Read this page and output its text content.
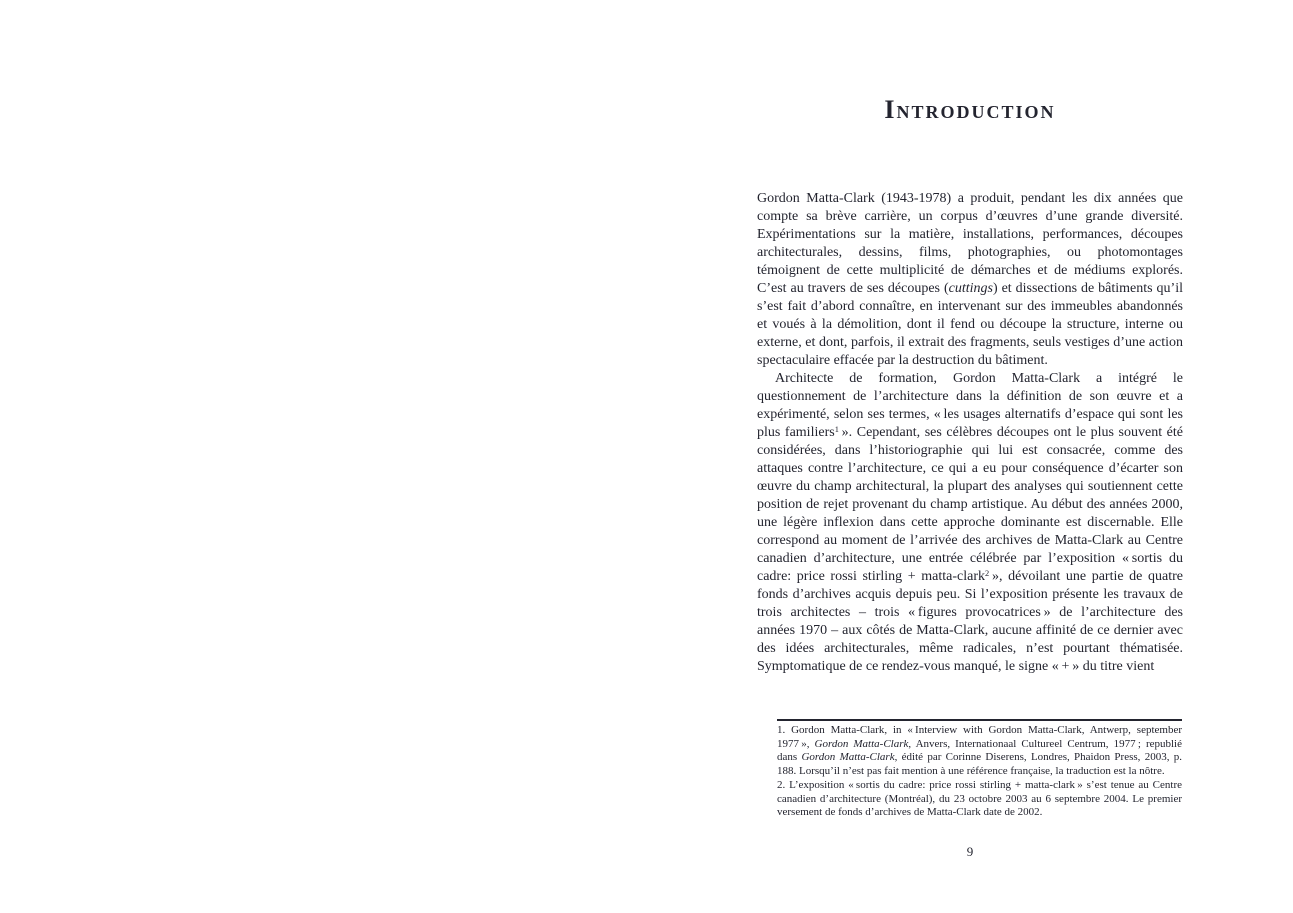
Introduction

Gordon Matta-Clark (1943-1978) a produit, pendant les dix années que compte sa brève carrière, un corpus d’œuvres d’une grande diversité. Expérimentations sur la matière, installations, performances, découpes architecturales, dessins, films, photographies, ou photomontages témoignent de cette multiplicité de démarches et de médiums explorés. C’est au travers de ses découpes (cuttings) et dissections de bâtiments qu’il s’est fait d’abord connaître, en intervenant sur des immeubles abandonnés et voués à la démolition, dont il fend ou découpe la structure, interne ou externe, et dont, parfois, il extrait des fragments, seuls vestiges d’une action spectaculaire effacée par la destruction du bâtiment.

Architecte de formation, Gordon Matta-Clark a intégré le questionnement de l’architecture dans la définition de son œuvre et a expérimenté, selon ses termes, « les usages alternatifs d’espace qui sont les plus familiers$^1$ ». Cependant, ses célèbres découpes ont le plus souvent été considérées, dans l’historiographie qui lui est consacrée, comme des attaques contre l’architecture, ce qui a eu pour conséquence d’écarter son œuvre du champ architectural, la plupart des analyses qui soutiennent cette position de rejet provenant du champ artistique. Au début des années 2000, une légère inflexion dans cette approche dominante est discernable. Elle correspond au moment de l’arrivée des archives de Matta-Clark au Centre canadien d’architecture, une entrée célébrée par l’exposition « sortis du cadre: price rossi stirling + matta-clark$^2$ », dévoilant une partie de quatre fonds d’archives acquis depuis peu. Si l’exposition présente les travaux de trois architectes – trois « figures provocatrices » de l’architecture des années 1970 – aux côtés de Matta-Clark, aucune affinité de ce dernier avec des idées architecturales, même radicales, n’est pourtant thématisée. Symptomatique de ce rendez-vous manqué, le signe « + » du titre vient

1. Gordon Matta-Clark, in « Interview with Gordon Matta-Clark, Antwerp, september 1977 », Gordon Matta-Clark, Anvers, Internationaal Cultureel Centrum, 1977 ; republié dans Gordon Matta-Clark, édité par Corinne Diserens, Londres, Phaidon Press, 2003, p. 188. Lorsqu’il n’est pas fait mention à une référence française, la traduction est la nôtre.

2. L’exposition « sortis du cadre: price rossi stirling + matta-clark » s’est tenue au Centre canadien d’architecture (Montréal), du 23 octobre 2003 au 6 septembre 2004. Le premier versement de fonds d’archives de Matta-Clark date de 2002.

9
